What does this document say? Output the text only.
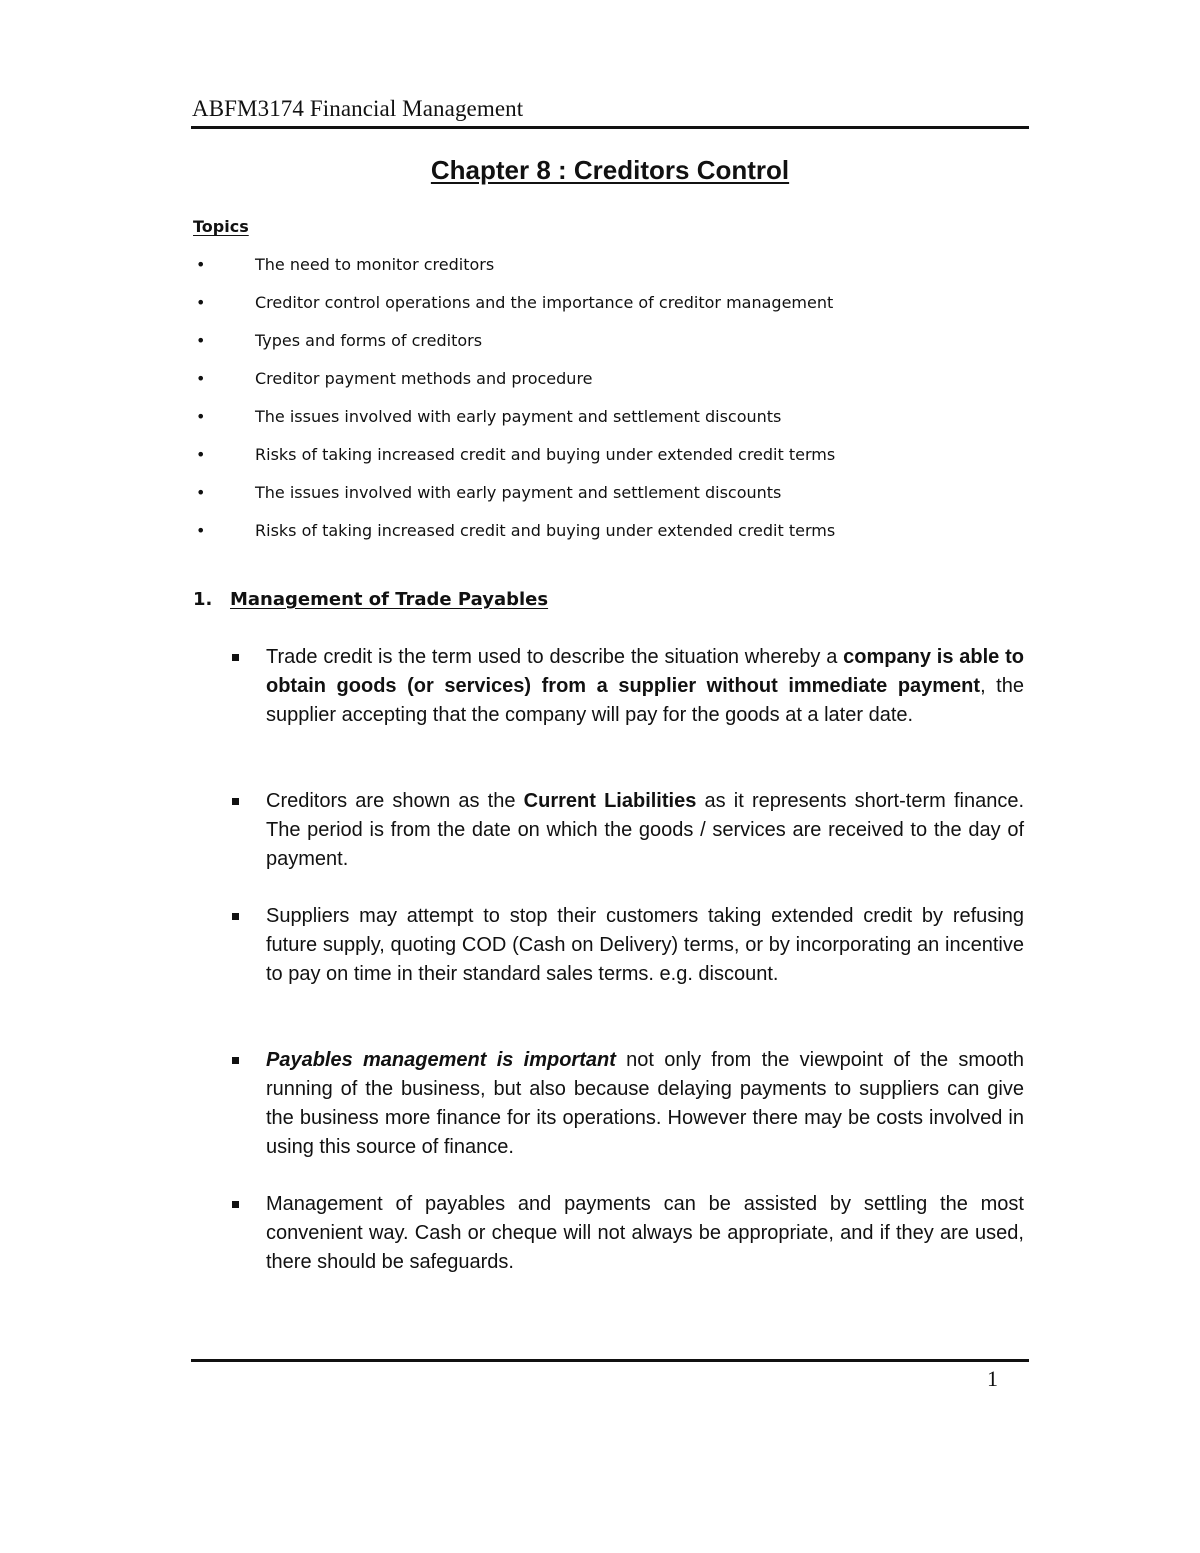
ABFM3174 Financial Management
Chapter 8 : Creditors Control
Topics
•	The need to monitor creditors
•	Creditor control operations and the importance of creditor management
•	Types and forms of creditors
•	Creditor payment methods and procedure
•	The issues involved with early payment and settlement discounts
•	Risks of taking increased credit and buying under extended credit terms
•	The issues involved with early payment and settlement discounts
•	Risks of taking increased credit and buying under extended credit terms
1. Management of Trade Payables
Trade credit is the term used to describe the situation whereby a company is able to obtain goods (or services) from a supplier without immediate payment, the supplier accepting that the company will pay for the goods at a later date.
Creditors are shown as the Current Liabilities as it represents short-term finance. The period is from the date on which the goods / services are received to the day of payment.
Suppliers may attempt to stop their customers taking extended credit by refusing future supply, quoting COD (Cash on Delivery) terms, or by incorporating an incentive to pay on time in their standard sales terms. e.g. discount.
Payables management is important not only from the viewpoint of the smooth running of the business, but also because delaying payments to suppliers can give the business more finance for its operations. However there may be costs involved in using this source of finance.
Management of payables and payments can be assisted by settling the most convenient way. Cash or cheque will not always be appropriate, and if they are used, there should be safeguards.
1
